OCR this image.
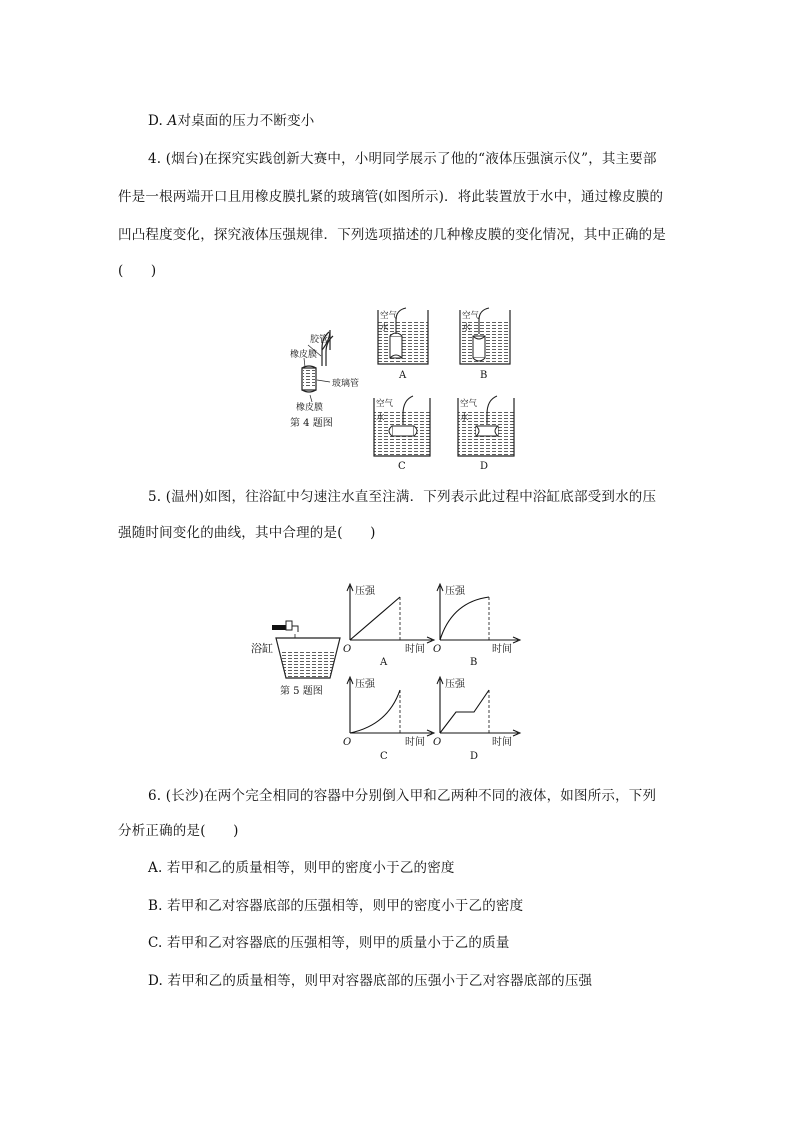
D. A对桌面的压力不断变小
4. (烟台)在探究实践创新大赛中，小明同学展示了他的“液体压强演示仪”，其主要部
件是一根两端开口且用橡皮膜扎紧的玻璃管(如图所示)．将此装置放于水中，通过橡皮膜的
凹凸程度变化，探究液体压强规律．下列选项描述的几种橡皮膜的变化情况，其中正确的是
(　　)
胶管
橡皮膜
玻璃管
橡皮膜
第 4 题图
空气
水
A
空气
水
B
空气
水
C
空气
水
D
浴缸
第 5 题图
压强
时间
O
A
压强
时间
O
B
压强
时间
O
C
压强
时间
O
D
5. (温州)如图，往浴缸中匀速注水直至注满．下列表示此过程中浴缸底部受到水的压
强随时间变化的曲线，其中合理的是(　　)
6. (长沙)在两个完全相同的容器中分别倒入甲和乙两种不同的液体，如图所示，下列
分析正确的是(　　)
A. 若甲和乙的质量相等，则甲的密度小于乙的密度
B. 若甲和乙对容器底部的压强相等，则甲的密度小于乙的密度
C. 若甲和乙对容器底的压强相等，则甲的质量小于乙的质量
D. 若甲和乙的质量相等，则甲对容器底部的压强小于乙对容器底部的压强
